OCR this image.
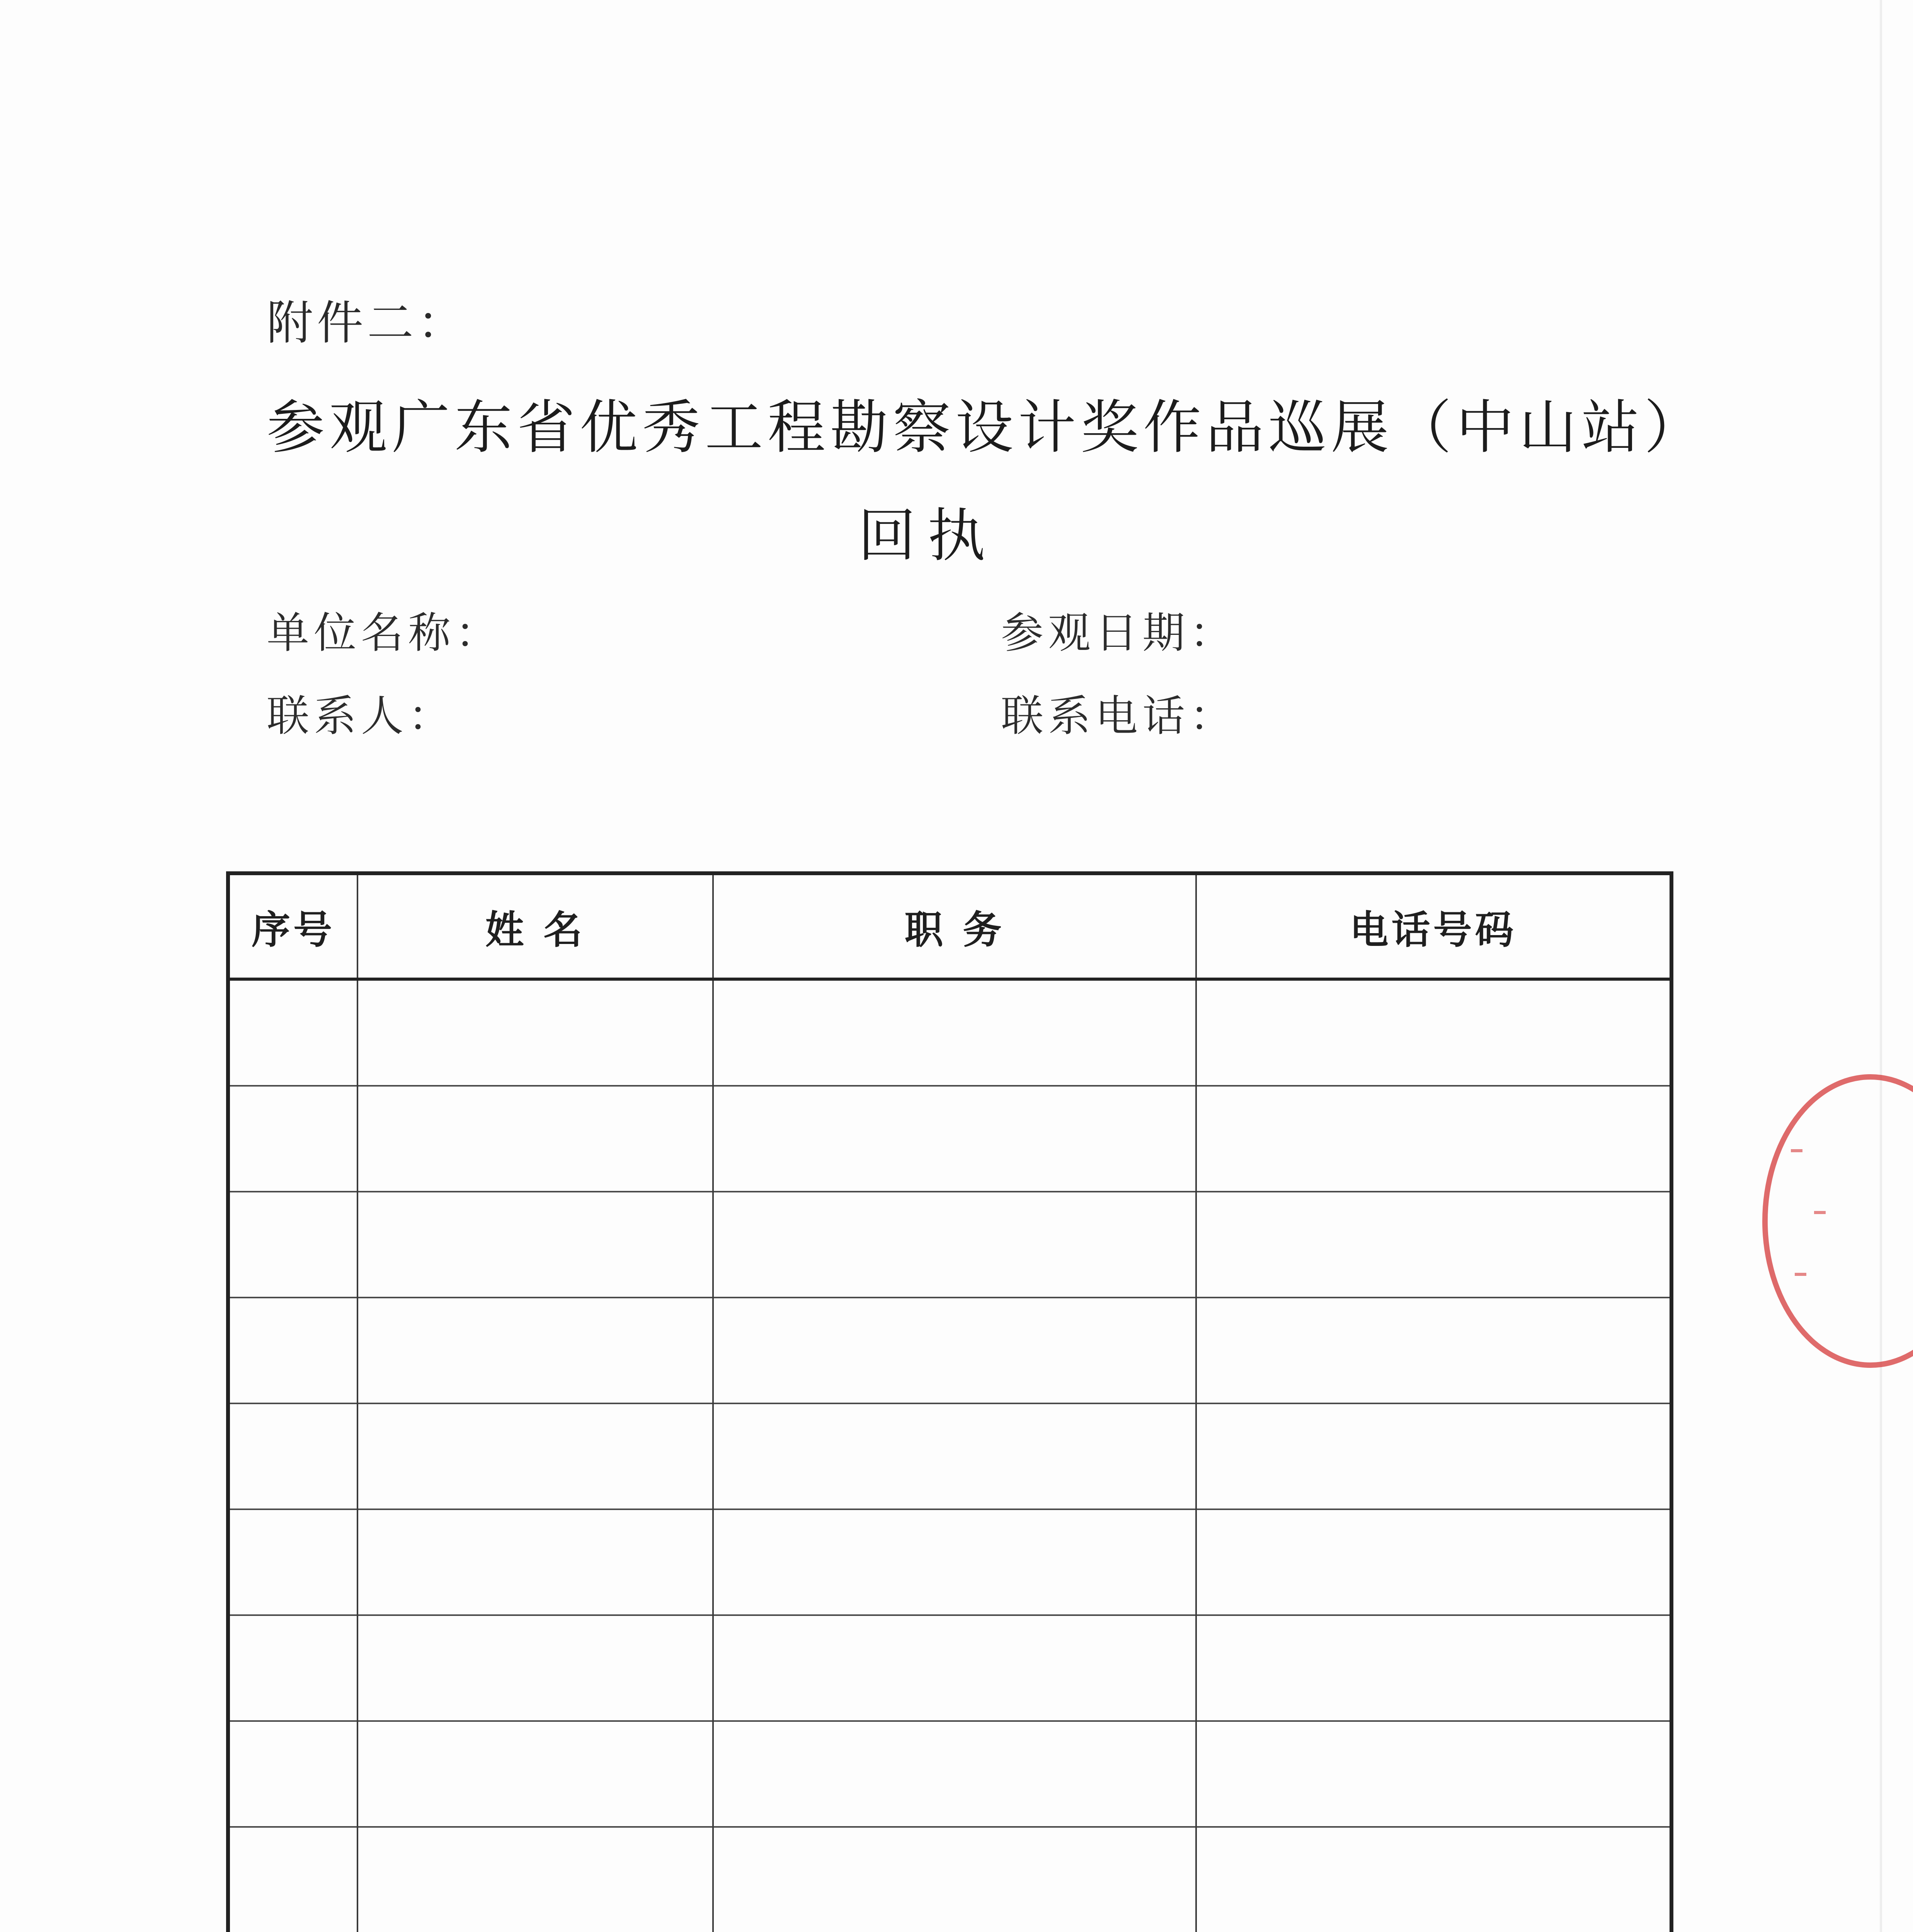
附件二：
参观广东省优秀工程勘察设计奖作品巡展（中山站）
回执
单位名称：	参观日期：
联系人：	联系电话：
序号	姓 名	职 务	电话号码
